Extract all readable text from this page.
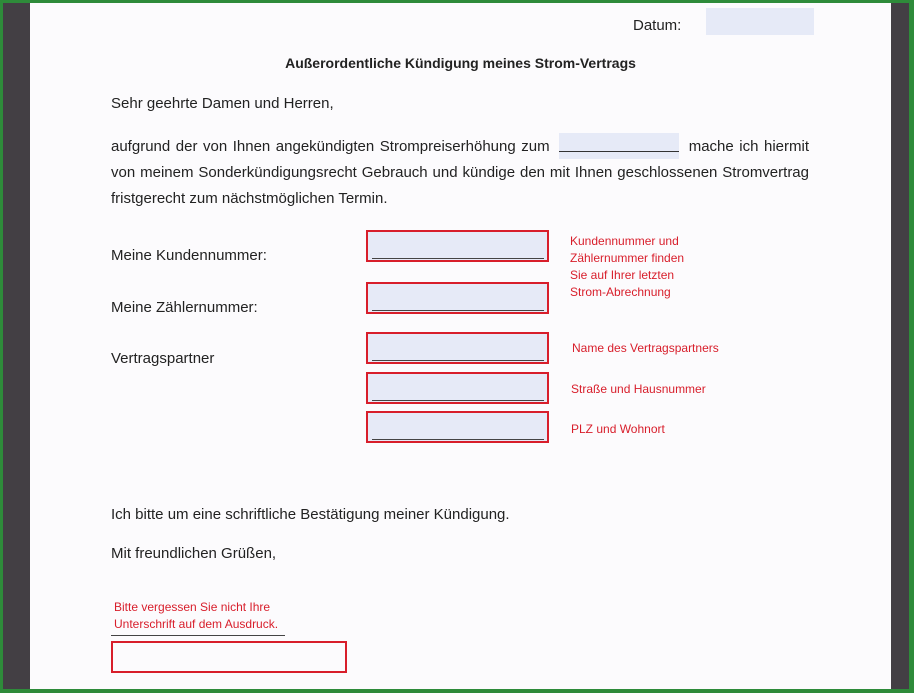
Datum:
Außerordentliche Kündigung meines Strom-Vertrags
Sehr geehrte Damen und Herren,
aufgrund der von Ihnen angekündigten Strompreiserhöhung zum	mache ich hiermit von meinem Sonderkündigungsrecht Gebrauch und kündige den mit Ihnen geschlossenen Stromvertrag fristgerecht zum nächstmöglichen Termin.
Meine Kundennummer:
Meine Zählernummer:
Kundennummer und
Zählernummer finden
Sie auf Ihrer letzten
Strom-Abrechnung
Vertragspartner
Name des Vertragspartners
Straße und Hausnummer
PLZ und Wohnort
Ich bitte um eine schriftliche Bestätigung meiner Kündigung.
Mit freundlichen Grüßen,
Bitte vergessen Sie nicht Ihre
Unterschrift auf dem Ausdruck.
